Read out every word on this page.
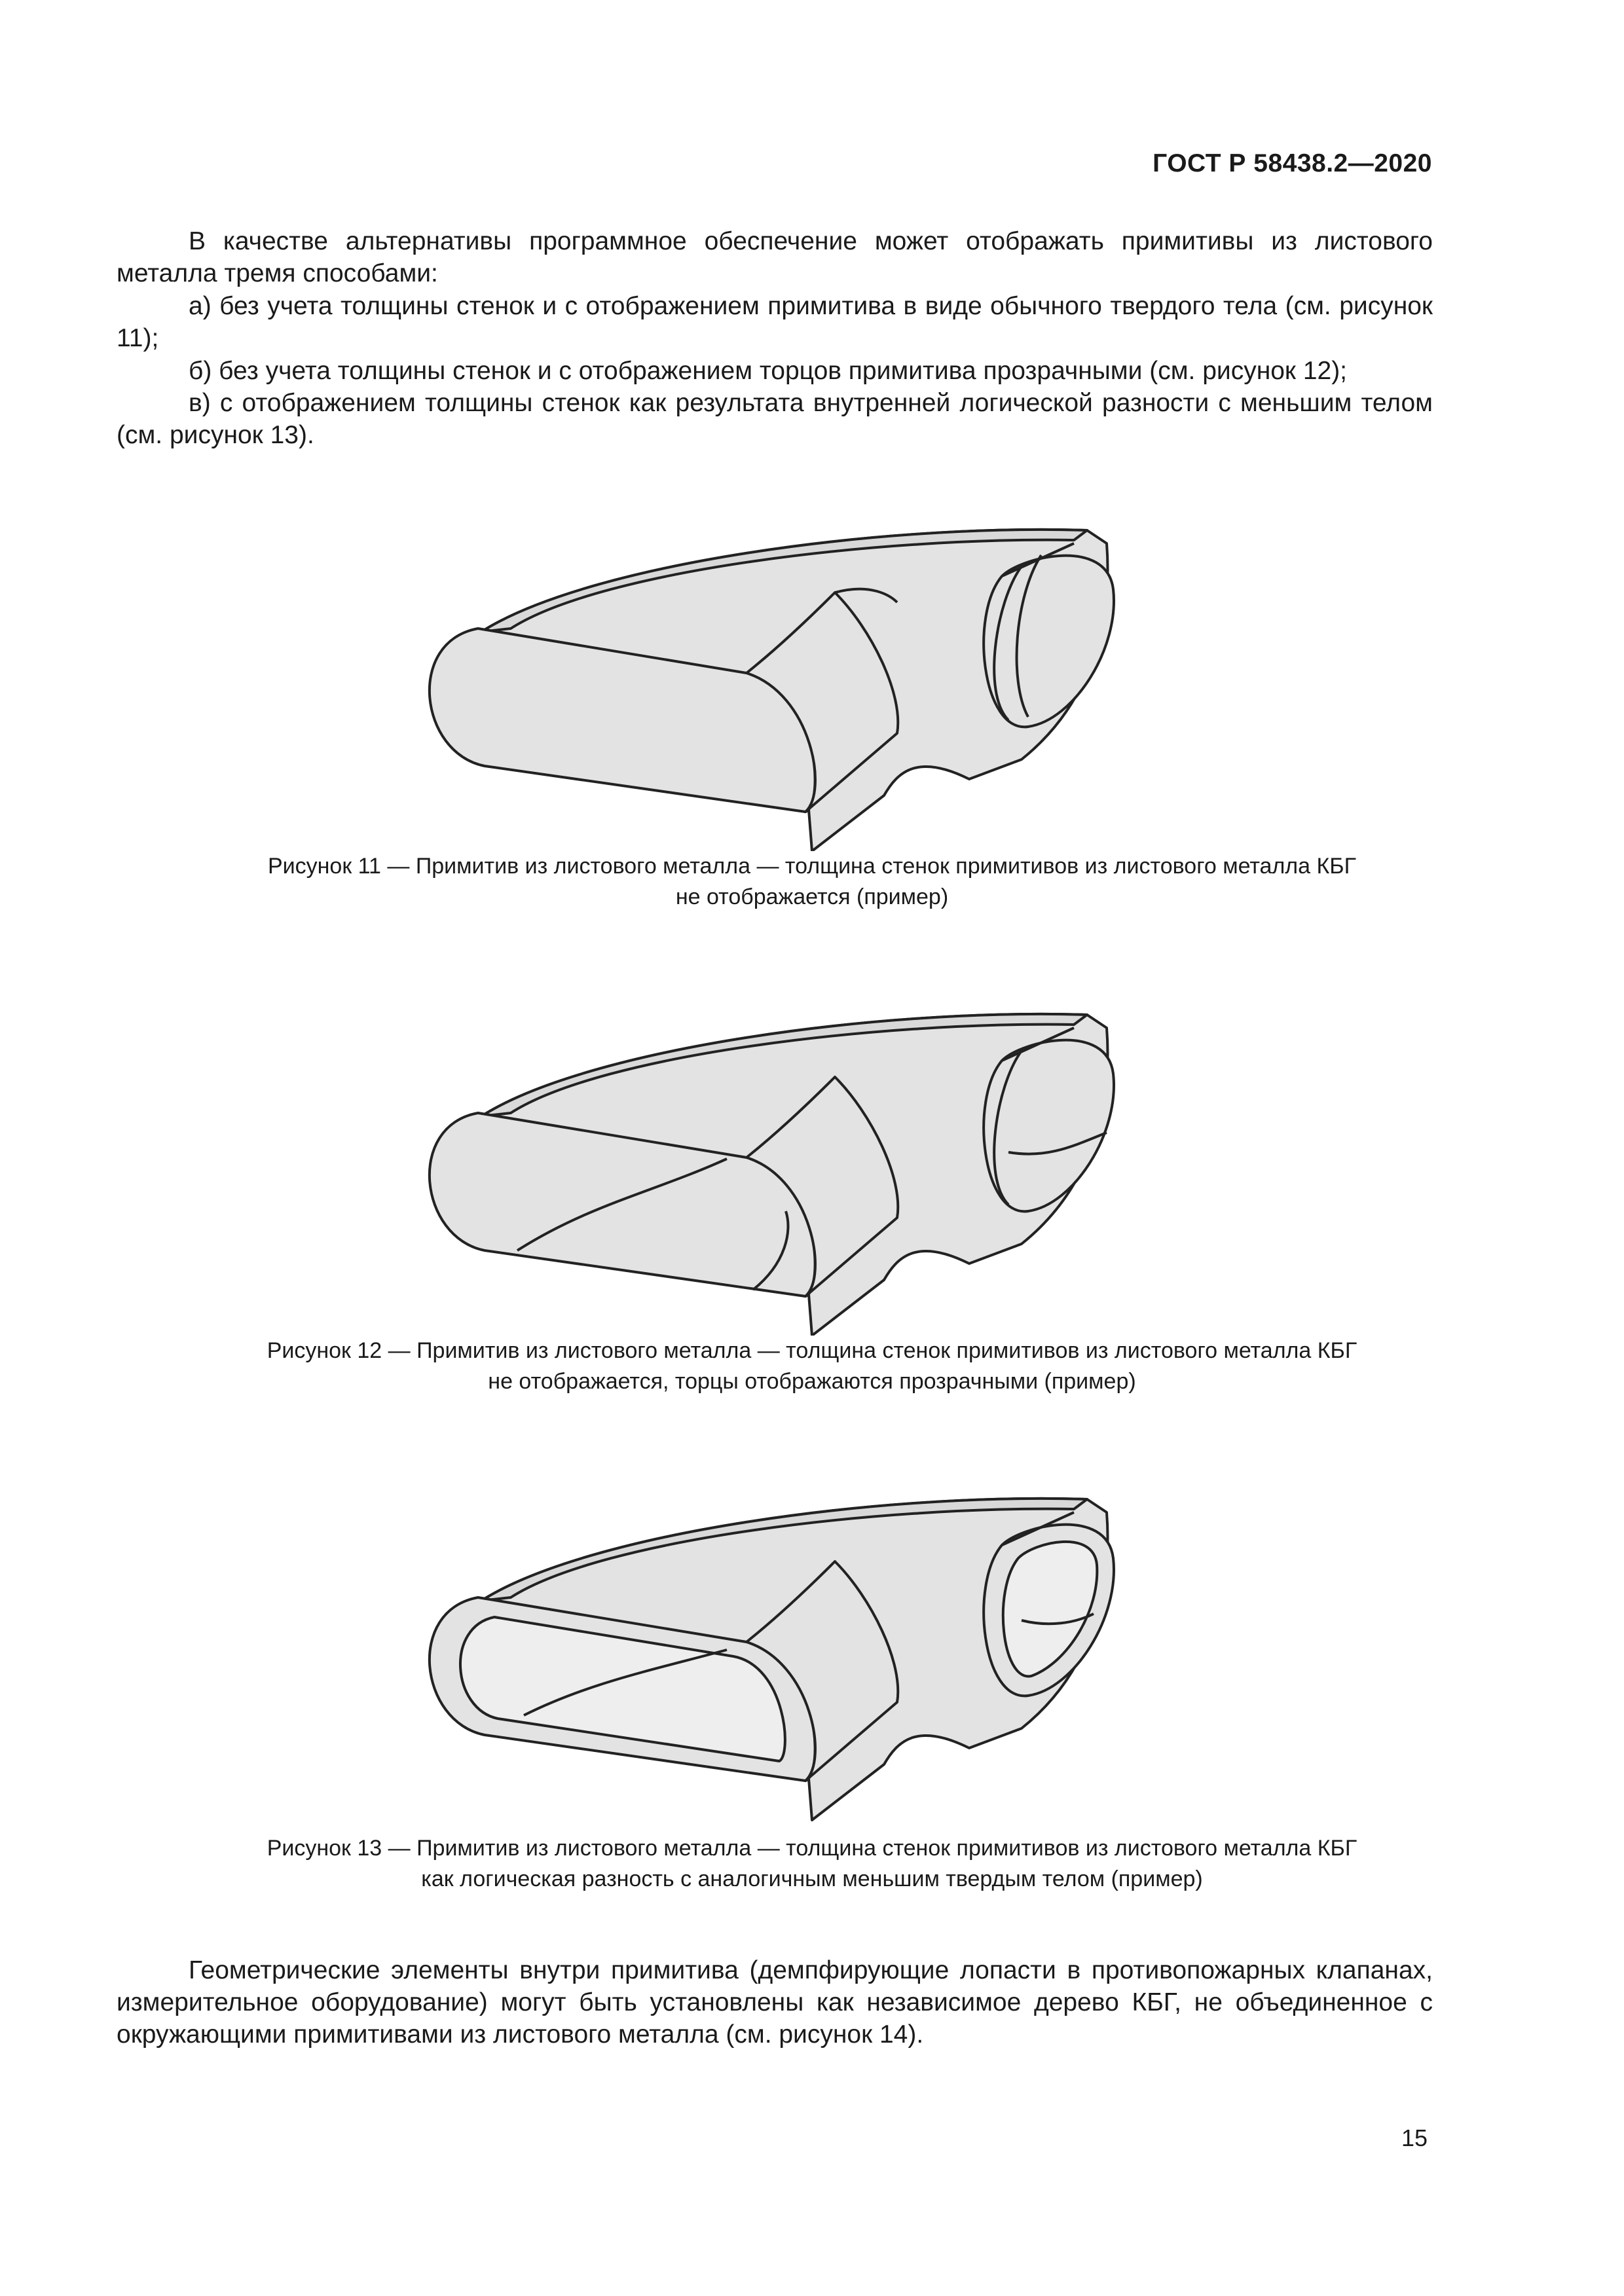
ГОСТ Р 58438.2—2020

В качестве альтернативы программное обеспечение может отображать примитивы из листового металла тремя способами:

а) без учета толщины стенок и с отображением примитива в виде обычного твердого тела (см. рисунок 11);

б) без учета толщины стенок и с отображением торцов примитива прозрачными (см. рисунок 12);

в) с отображением толщины стенок как результата внутренней логической разности с меньшим телом (см. рисунок 13).

Рисунок 11 — Примитив из листового металла — толщина стенок примитивов из листового металла КБГ
не отображается (пример)
Рисунок 12 — Примитив из листового металла — толщина стенок примитивов из листового металла КБГ
не отображается, торцы отображаются прозрачными (пример)
Рисунок 13 — Примитив из листового металла — толщина стенок примитивов из листового металла КБГ
как логическая разность с аналогичным меньшим твердым телом (пример)

Геометрические элементы внутри примитива (демпфирующие лопасти в противопожарных клапанах, измерительное оборудование) могут быть установлены как независимое дерево КБГ, не объединенное с окружающими примитивами из листового металла (см. рисунок 14).

15
